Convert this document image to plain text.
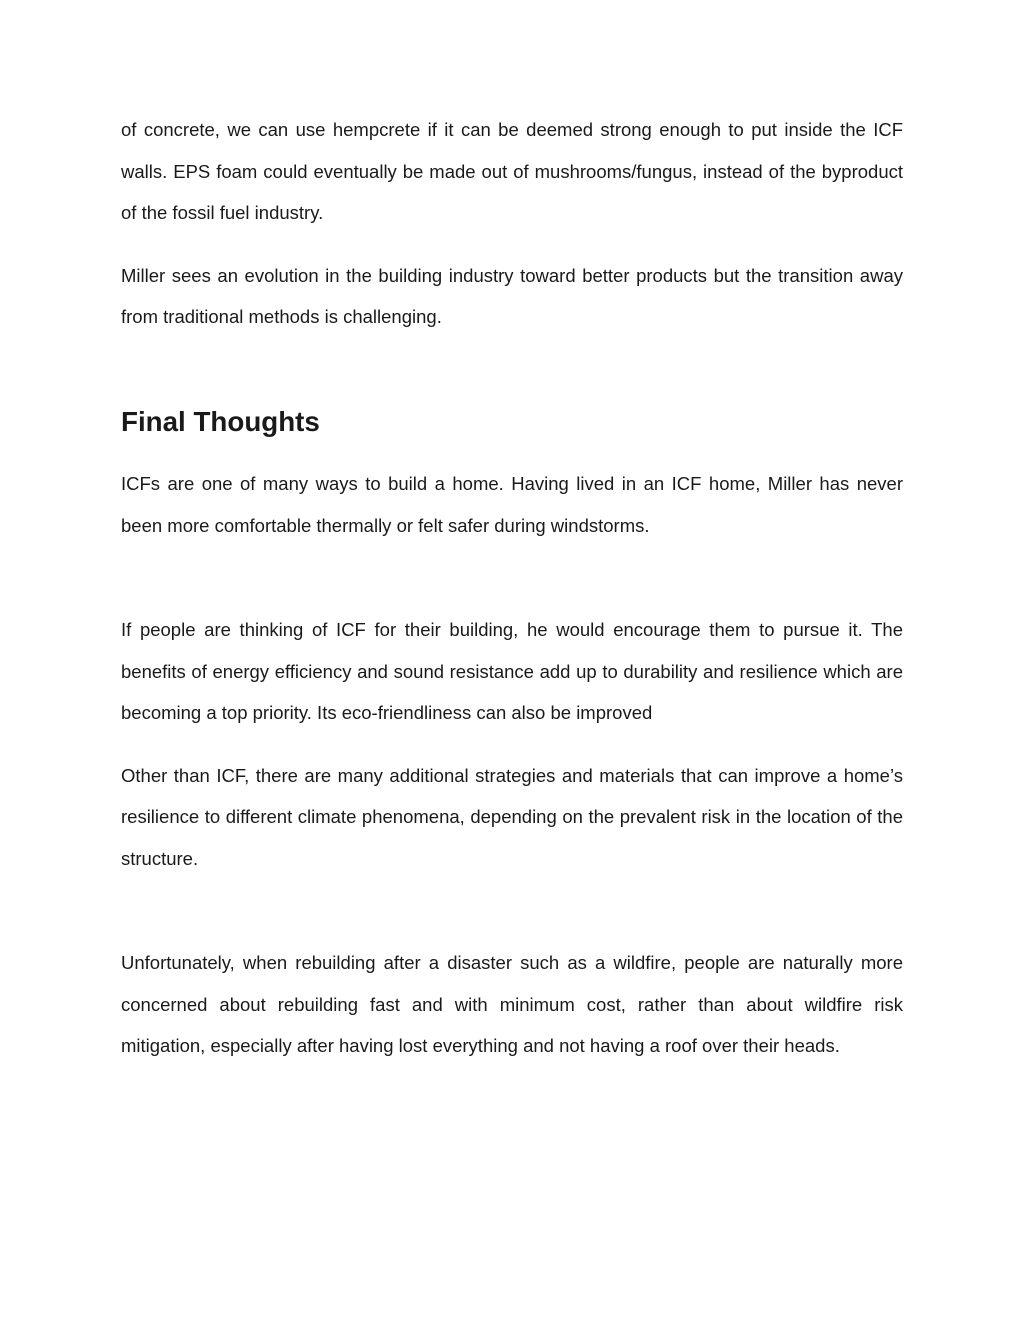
of concrete, we can use hempcrete if it can be deemed strong enough to put inside the ICF walls. EPS foam could eventually be made out of mushrooms/fungus, instead of the byproduct of the fossil fuel industry.

Miller sees an evolution in the building industry toward better products but the transition away from traditional methods is challenging.

Final Thoughts

ICFs are one of many ways to build a home. Having lived in an ICF home, Miller has never been more comfortable thermally or felt safer during windstorms.

If people are thinking of ICF for their building, he would encourage them to pursue it. The benefits of energy efficiency and sound resistance add up to durability and resilience which are becoming a top priority. Its eco-friendliness can also be improved

Other than ICF, there are many additional strategies and materials that can improve a home’s resilience to different climate phenomena, depending on the prevalent risk in the location of the structure.

Unfortunately, when rebuilding after a disaster such as a wildfire, people are naturally more concerned about rebuilding fast and with minimum cost, rather than about wildfire risk mitigation, especially after having lost everything and not having a roof over their heads.
